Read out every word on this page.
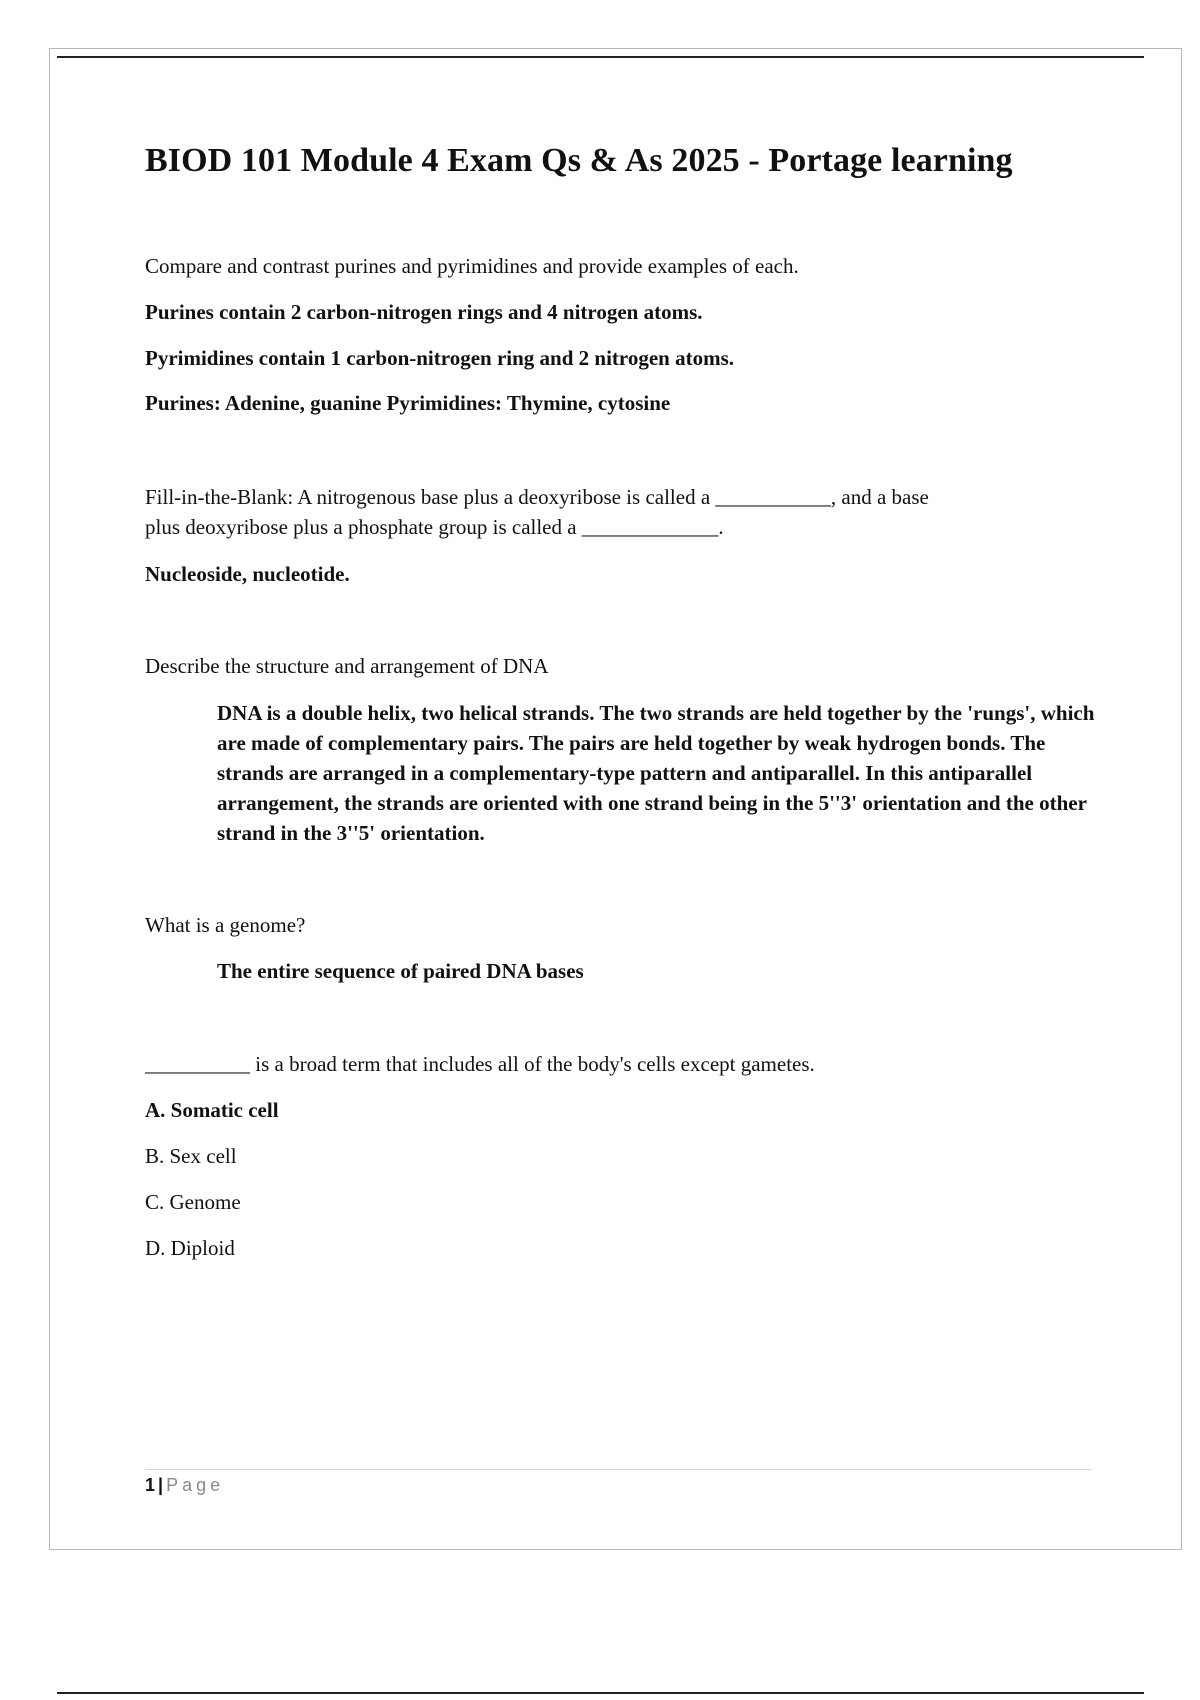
BIOD 101 Module 4 Exam Qs & As 2025 - Portage learning

Compare and contrast purines and pyrimidines and provide examples of each.

Purines contain 2 carbon-nitrogen rings and 4 nitrogen atoms.

Pyrimidines contain 1 carbon-nitrogen ring and 2 nitrogen atoms.

Purines: Adenine, guanine Pyrimidines: Thymine, cytosine

Fill-in-the-Blank: A nitrogenous base plus a deoxyribose is called a ___________, and a base

plus deoxyribose plus a phosphate group is called a _____________.

Nucleoside, nucleotide.

Describe the structure and arrangement of DNA

DNA is a double helix, two helical strands. The two strands are held together by the 'rungs', which are made of complementary pairs. The pairs are held together by weak hydrogen bonds. The strands are arranged in a complementary-type pattern and antiparallel. In this antiparallel arrangement, the strands are oriented with one strand being in the 5''3' orientation and the other strand in the 3''5' orientation.

What is a genome?

The entire sequence of paired DNA bases

__________ is a broad term that includes all of the body's cells except gametes.

A. Somatic cell

B. Sex cell

C. Genome

D. Diploid

1 | Page
